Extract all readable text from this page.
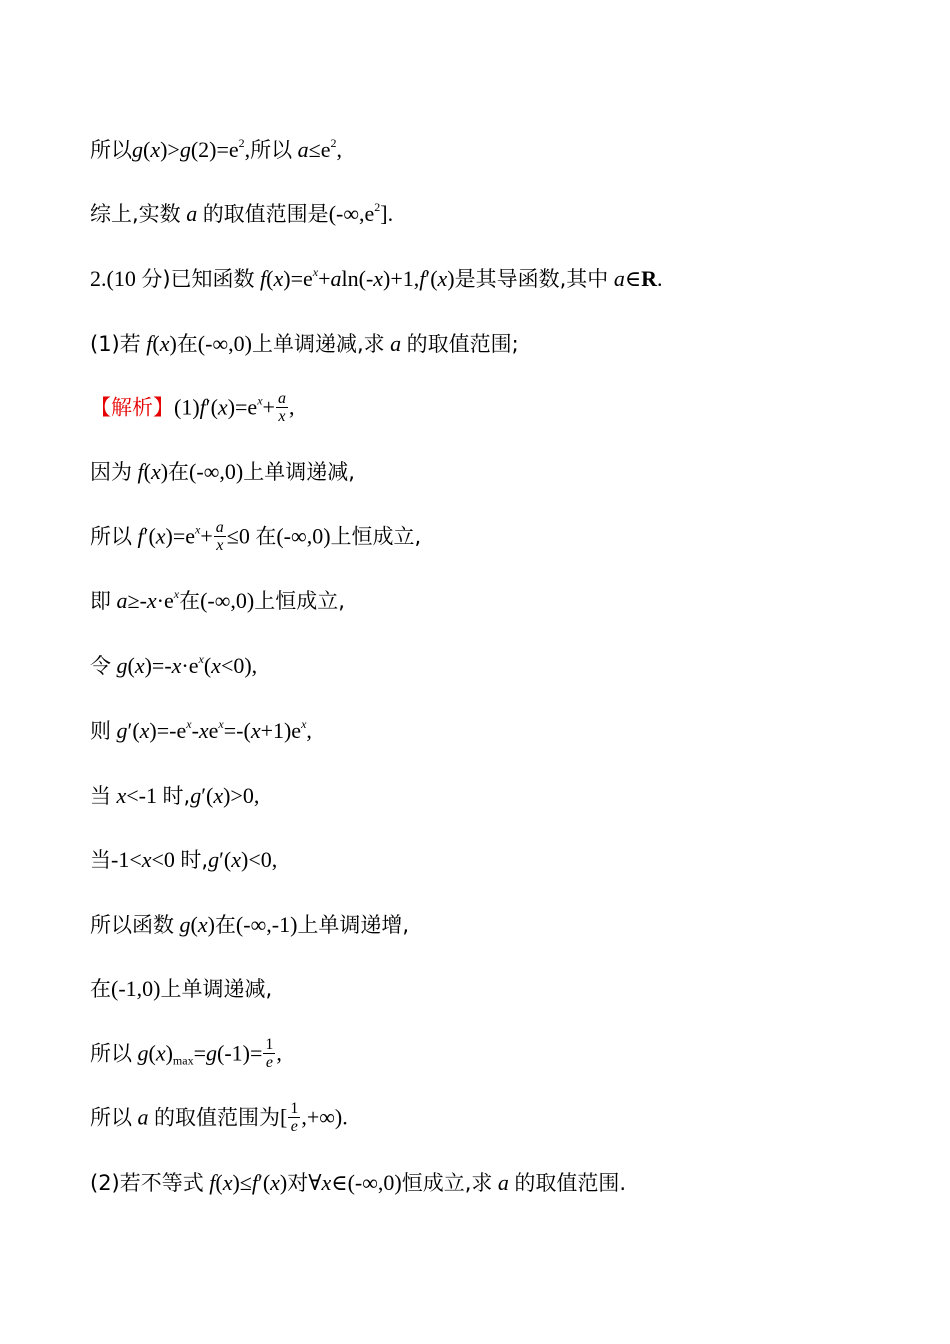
所以$g(x)>g(2)=e^2$,所以 $a\le e^2$,
综上,实数 a 的取值范围是$(-\infty,e^2]$.
2.(10 分)已知函数 $f(x)=e^x+aln(-x)+1,f'(x)$是其导函数,其中 a∈R.
(1)若 f(x)在(-∞,0)上单调递减,求 a 的取值范围;
【解析】$(1)f'(x)=e^x+ \frac{a}{x}$ ,
因为 f(x)在(-∞,0)上单调递减,
所以 $f'(x)=e^x+ \frac{a}{x} \le 0$ 在(-∞,0)上恒成立,
即 $a\ge-x\cdot e^x$在(-∞,0)上恒成立,
令 $g(x)=-x\cdot e^x(x<0)$,
则 $g'(x)=-e^x-xe^x=-(x+1)e^x$,
当 x<-1 时,g′(x)>0,
当-1<x<0 时,g′(x)<0,
所以函数 g(x)在(-∞,-1)上单调递增,
在(-1,0)上单调递减,
所以 $g(x)_{max}=g(-1)= \frac{1}{e}$ ,
所以 a 的取值范围为[ $\frac{1}{e}$ ,+∞).
(2)若不等式 f(x)≤f′(x)对∀x∈(-∞,0)恒成立,求 a 的取值范围.
